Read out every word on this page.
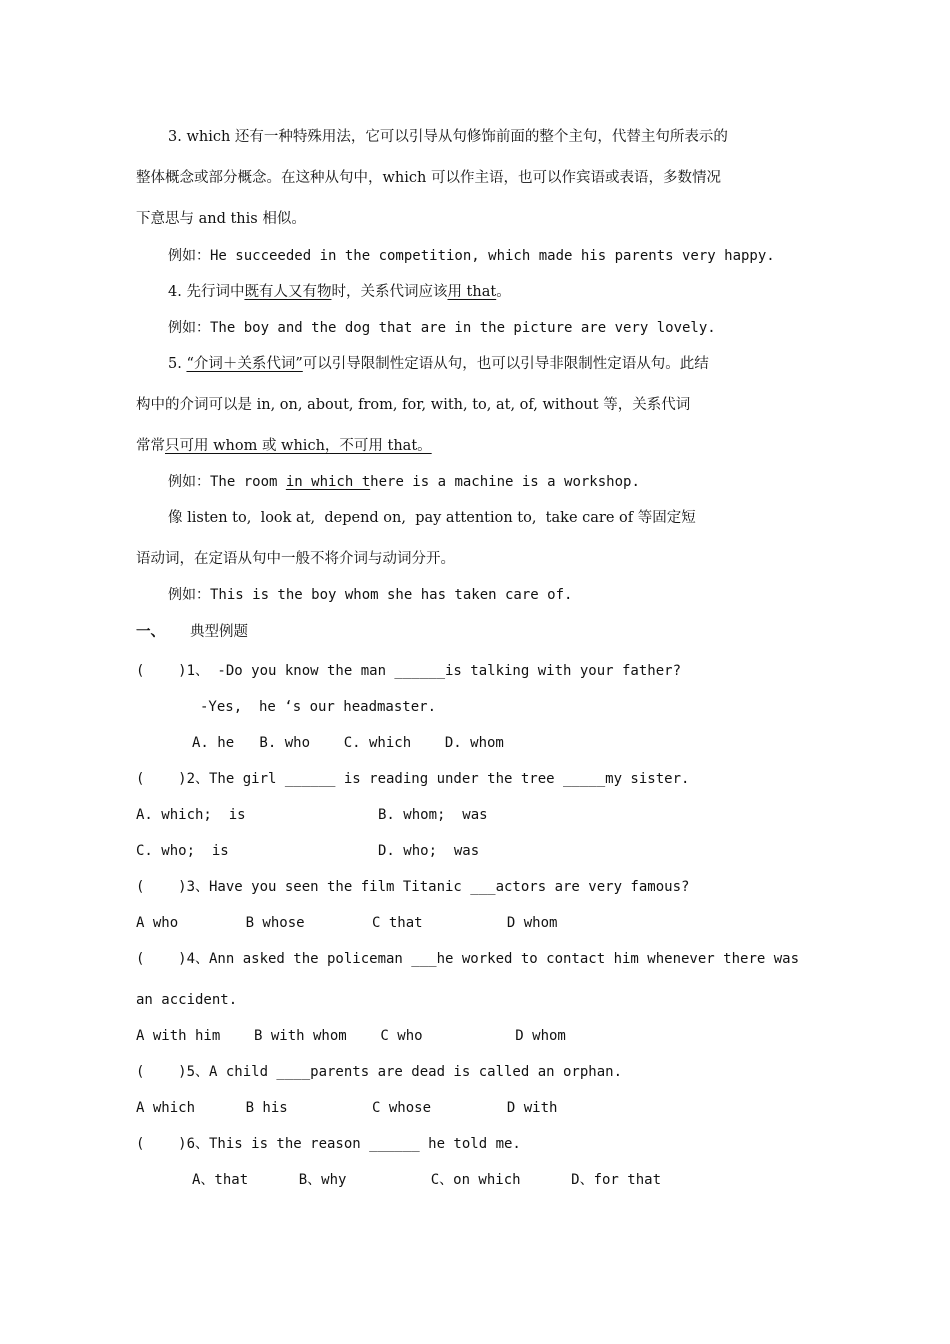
3. which 还有一种特殊用法，它可以引导从句修饰前面的整个主句，代替主句所表示的
整体概念或部分概念。在这种从句中，which 可以作主语，也可以作宾语或表语，多数情况
下意思与 and this 相似。
例如：He succeeded in the competition, which made his parents very happy.
4. 先行词中既有人又有物时，关系代词应该用 that。
例如：The boy and the dog that are in the picture are very lovely.
5. “介词＋关系代词”可以引导限制性定语从句，也可以引导非限制性定语从句。此结
构中的介词可以是 in, on, about, from, for, with, to, at, of, without 等，关系代词
常常只可用 whom 或 which，不可用 that。
例如：The room in which there is a machine is a workshop.
像 listen to,  look at,  depend on,  pay attention to,  take care of 等固定短
语动词，在定语从句中一般不将介词与动词分开。
例如：This is the boy whom she has taken care of.
一、 典型例题
(    )1、 -Do you know the man ______is talking with your father?
-Yes,  he ‘s our headmaster.
A. he   B. who    C. which    D. whom
(    )2、The girl ______ is reading under the tree _____my sister.
A. which;  is	B. whom;  was
C. who;  is	D. who;  was
(    )3、Have you seen the film Titanic ___actors are very famous?
A who        B whose        C that          D whom
(    )4、Ann asked the policeman ___he worked to contact him whenever there was
an accident.
A with him    B with whom    C who           D whom
(    )5、A child ____parents are dead is called an orphan.
A which      B his          C whose         D with
(    )6、This is the reason ______ he told me.
A、that      B、why          C、on which      D、for that
